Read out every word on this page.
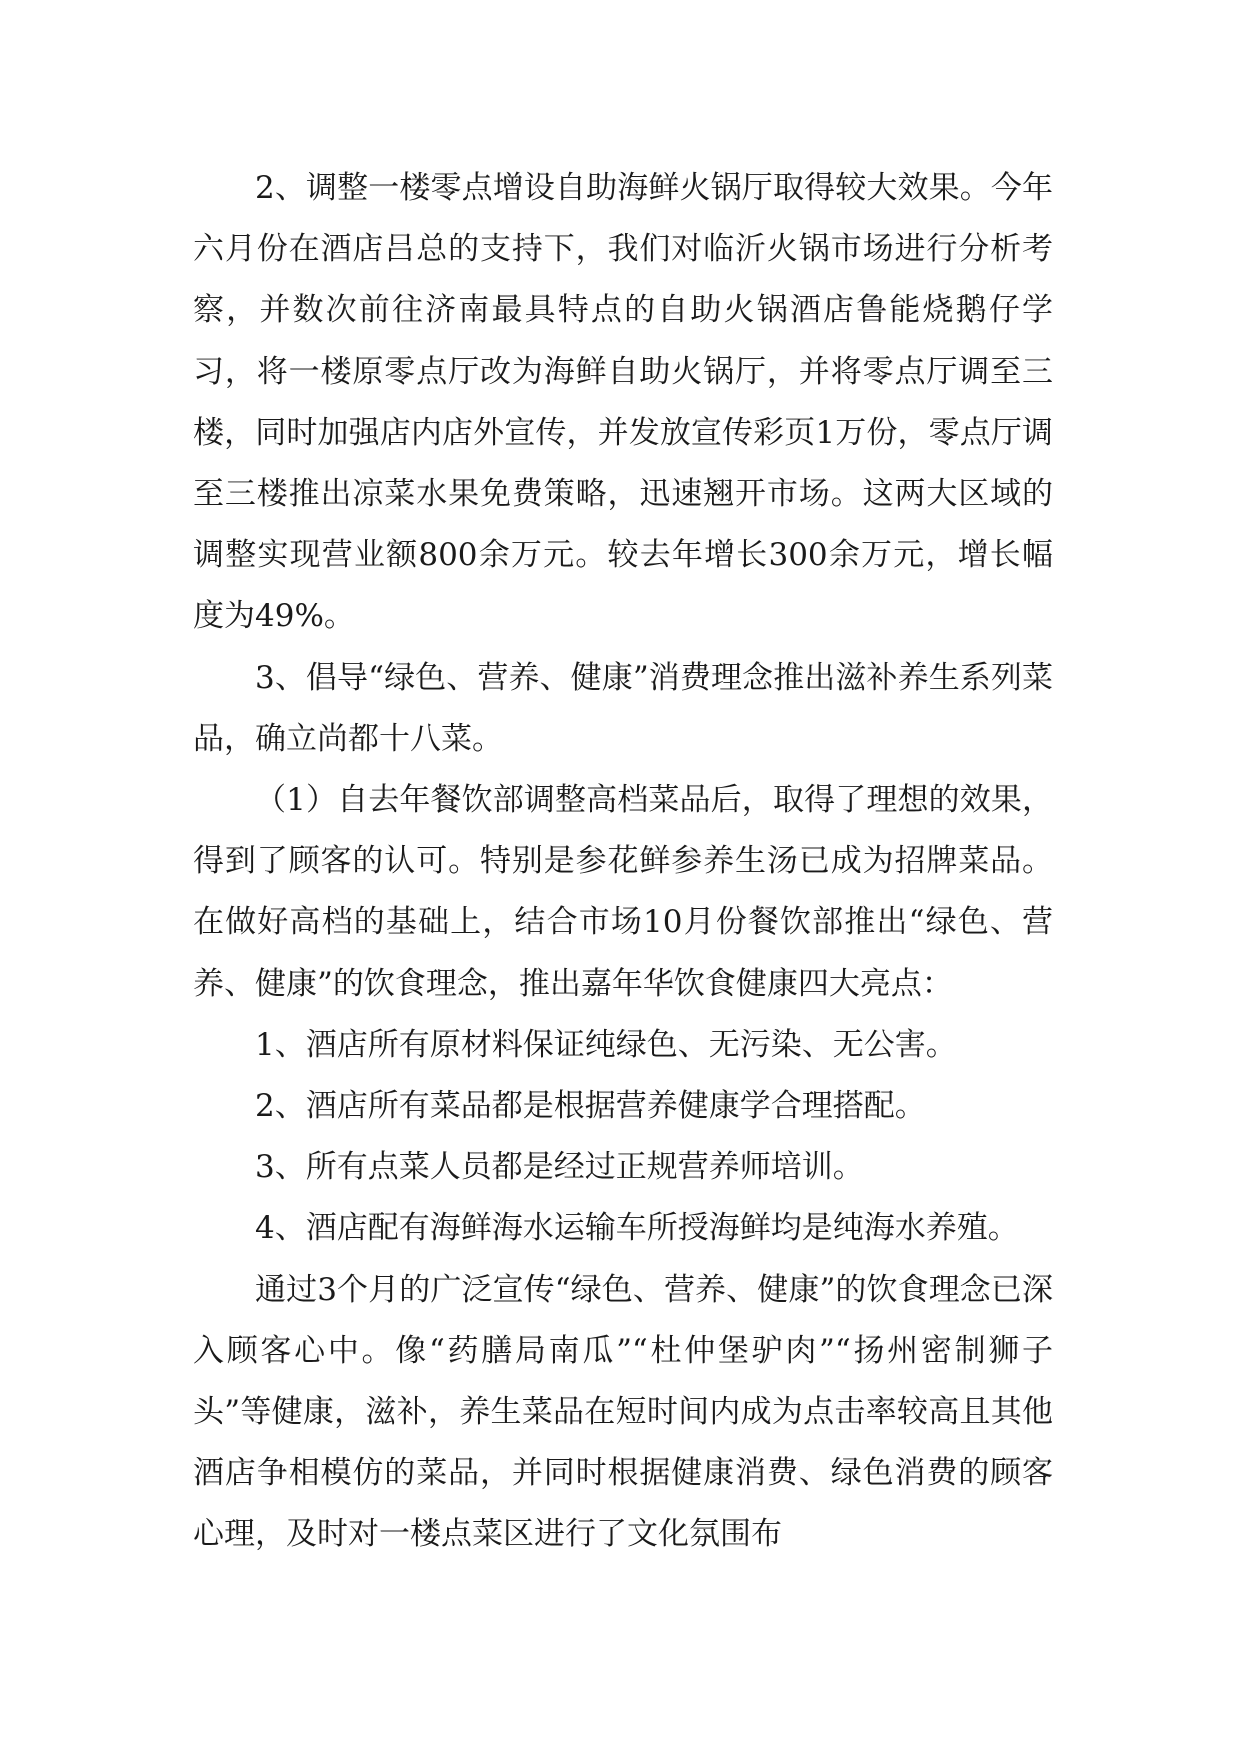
2、调整一楼零点增设自助海鲜火锅厅取得较大效果。今年六月份在酒店吕总的支持下，我们对临沂火锅市场进行分析考察，并数次前往济南最具特点的自助火锅酒店鲁能烧鹅仔学习，将一楼原零点厅改为海鲜自助火锅厅，并将零点厅调至三楼，同时加强店内店外宣传，并发放宣传彩页1万份，零点厅调至三楼推出凉菜水果免费策略，迅速翘开市场。这两大区域的调整实现营业额800余万元。较去年增长300余万元，增长幅度为49%。

3、倡导“绿色、营养、健康”消费理念推出滋补养生系列菜品，确立尚都十八菜。

（1）自去年餐饮部调整高档菜品后，取得了理想的效果，得到了顾客的认可。特别是参花鲜参养生汤已成为招牌菜品。在做好高档的基础上，结合市场10月份餐饮部推出“绿色、营养、健康”的饮食理念，推出嘉年华饮食健康四大亮点：

1、酒店所有原材料保证纯绿色、无污染、无公害。

2、酒店所有菜品都是根据营养健康学合理搭配。

3、所有点菜人员都是经过正规营养师培训。

4、酒店配有海鲜海水运输车所授海鲜均是纯海水养殖。

通过3个月的广泛宣传“绿色、营养、健康”的饮食理念已深入顾客心中。像“药膳局南瓜”“杜仲堡驴肉”“扬州密制狮子头”等健康，滋补，养生菜品在短时间内成为点击率较高且其他酒店争相模仿的菜品，并同时根据健康消费、绿色消费的顾客心理，及时对一楼点菜区进行了文化氛围布
